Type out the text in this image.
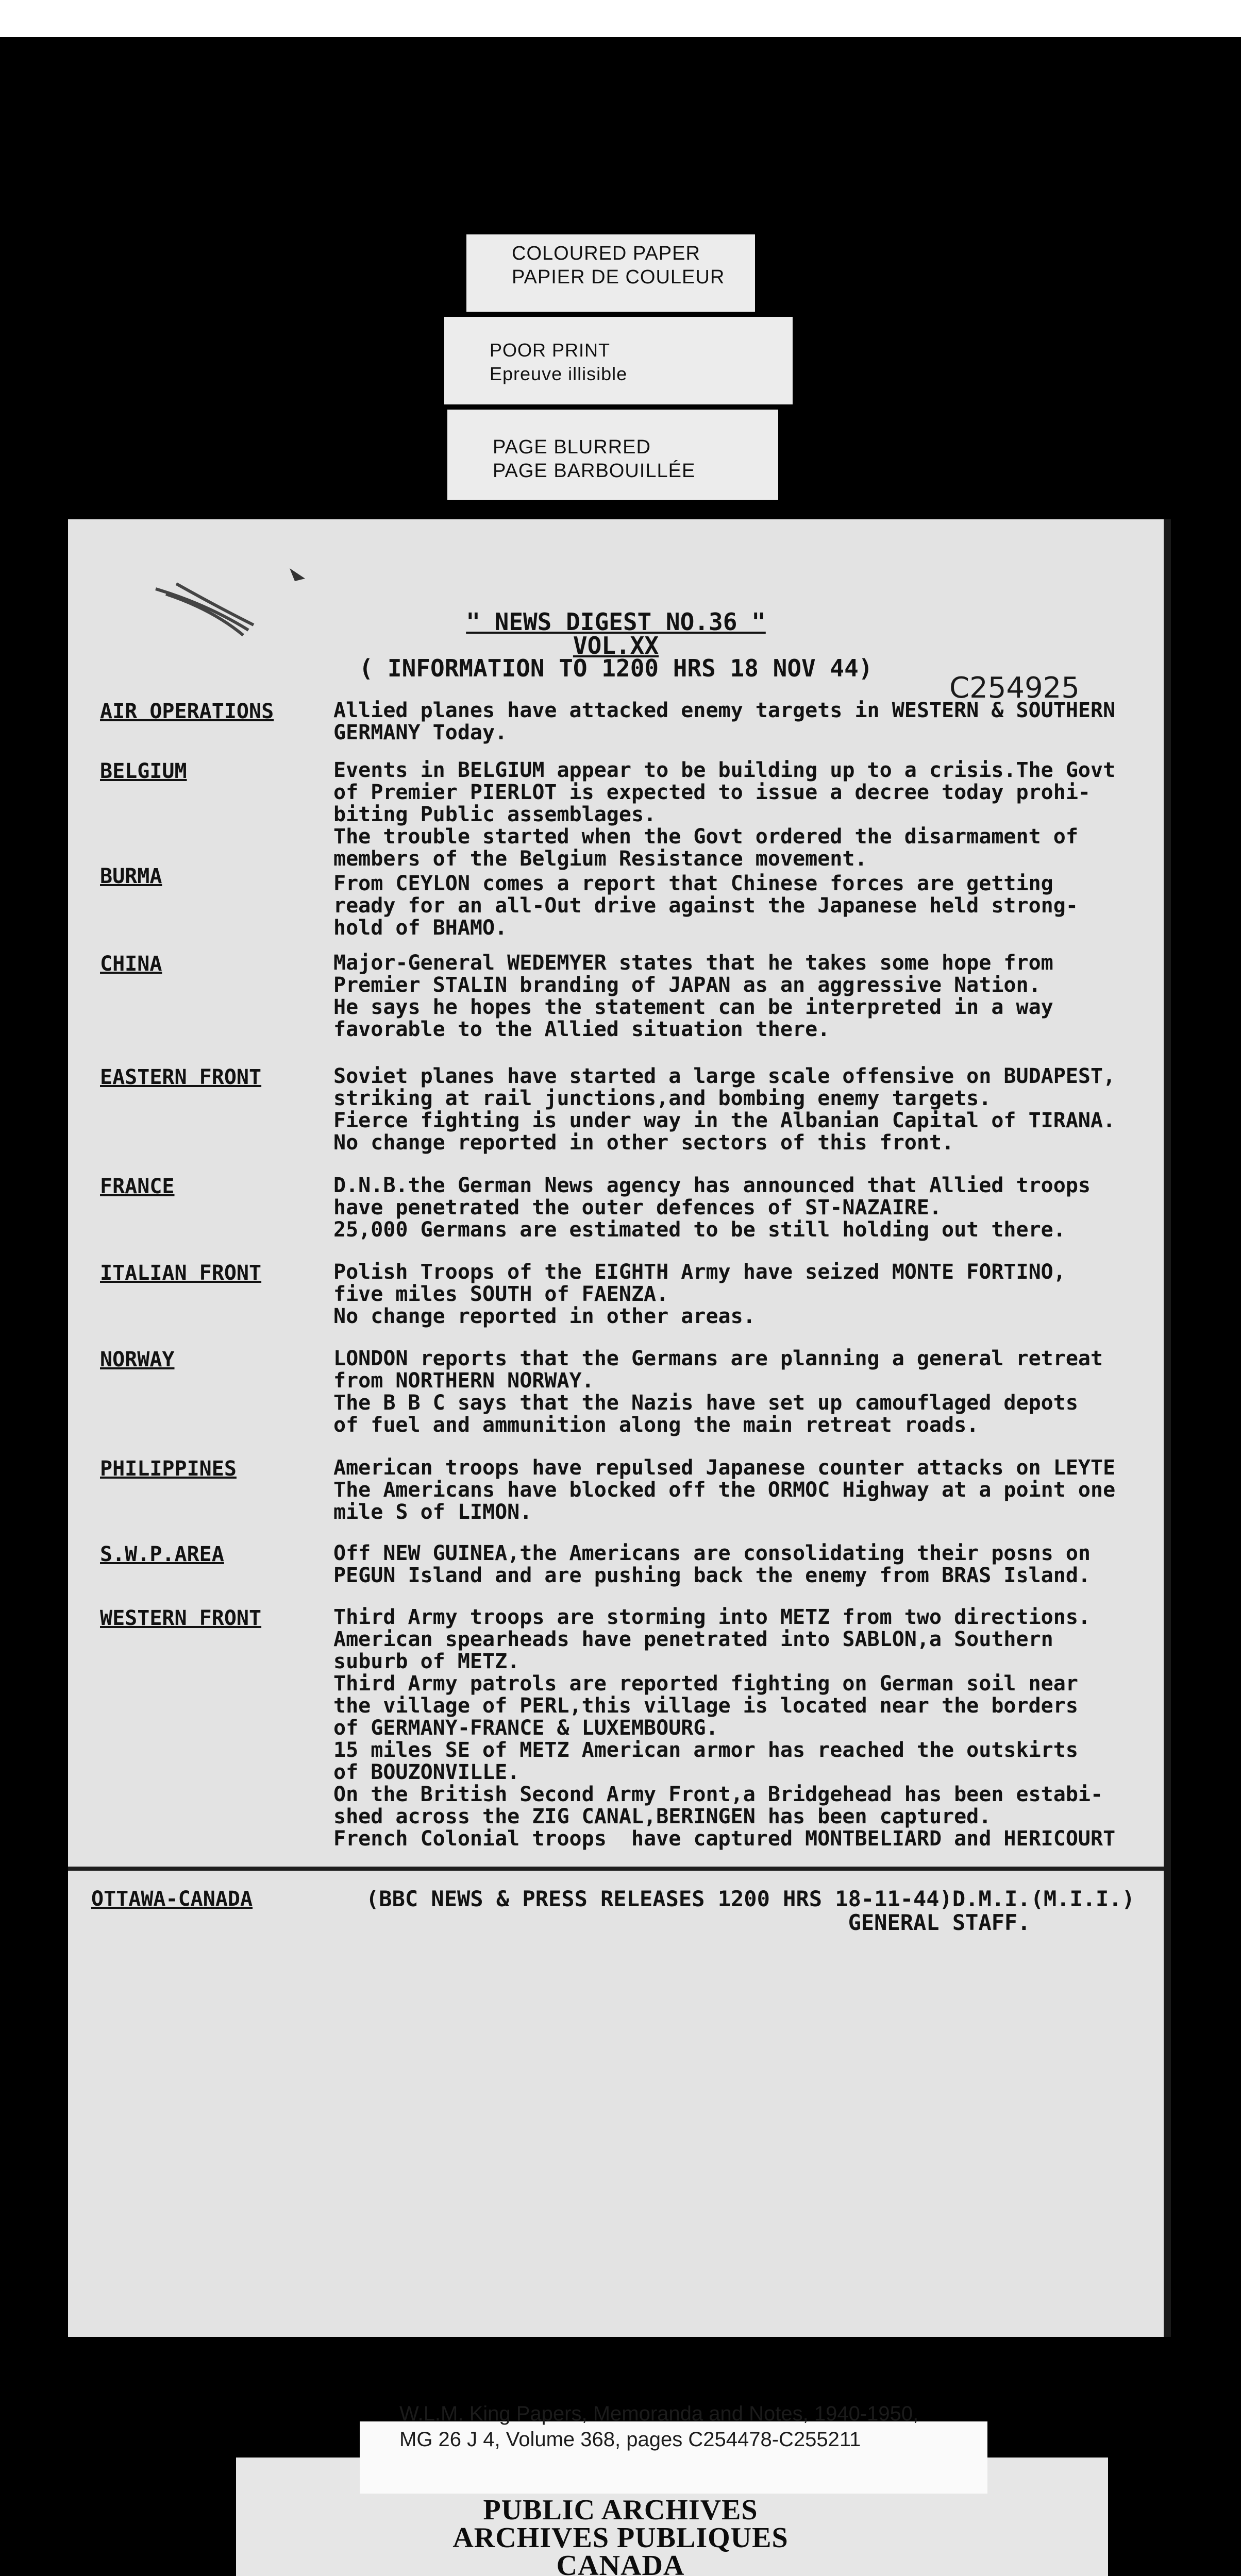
COLOURED PAPER
PAPIER DE COULEUR
POOR PRINT
Epreuve illisible
PAGE BLURRED
PAGE BARBOUILLÉE
" NEWS DIGEST NO.36 "
VOL.XX
( INFORMATION TO 1200 HRS 18 NOV 44)
C254925
AIR OPERATIONS	Allied planes have attacked enemy targets in WESTERN & SOUTHERN
GERMANY Today.
BELGIUM	Events in BELGIUM appear to be building up to a crisis.The Govt
of Premier PIERLOT is expected to issue a decree today prohi-
biting Public assemblages.
The trouble started when the Govt ordered the disarmament of
members of the Belgium Resistance movement.
BURMA	From CEYLON comes a report that Chinese forces are getting
ready for an all-Out drive against the Japanese held strong-
hold of BHAMO.
CHINA	Major-General WEDEMYER states that he takes some hope from
Premier STALIN branding of JAPAN as an aggressive Nation.
He says he hopes the statement can be interpreted in a way
favorable to the Allied situation there.
EASTERN FRONT	Soviet planes have started a large scale offensive on BUDAPEST,
striking at rail junctions,and bombing enemy targets.
Fierce fighting is under way in the Albanian Capital of TIRANA.
No change reported in other sectors of this front.
FRANCE	D.N.B.the German News agency has announced that Allied troops
have penetrated the outer defences of ST-NAZAIRE.
25,000 Germans are estimated to be still holding out there.
ITALIAN FRONT	Polish Troops of the EIGHTH Army have seized MONTE FORTINO,
five miles SOUTH of FAENZA.
No change reported in other areas.
NORWAY	LONDON reports that the Germans are planning a general retreat
from NORTHERN NORWAY.
The B B C says that the Nazis have set up camouflaged depots
of fuel and ammunition along the main retreat roads.
PHILIPPINES	American troops have repulsed Japanese counter attacks on LEYTE
The Americans have blocked off the ORMOC Highway at a point one
mile S of LIMON.
S.W.P.AREA	Off NEW GUINEA,the Americans are consolidating their posns on
PEGUN Island and are pushing back the enemy from BRAS Island.
WESTERN FRONT	Third Army troops are storming into METZ from two directions.
American spearheads have penetrated into SABLON,a Southern
suburb of METZ.
Third Army patrols are reported fighting on German soil near
the village of PERL,this village is located near the borders
of GERMANY-FRANCE & LUXEMBOURG.
15 miles SE of METZ American armor has reached the outskirts
of BOUZONVILLE.
On the British Second Army Front,a Bridgehead has been estabi-
shed across the ZIG CANAL,BERINGEN has been captured.
French Colonial troops  have captured MONTBELIARD and HERICOURT
OTTAWA-CANADA	(BBC NEWS & PRESS RELEASES 1200 HRS 18-11-44)D.M.I.(M.I.I.)
GENERAL STAFF.
W.L.M. King Papers, Memoranda and Notes, 1940-1950,
MG 26 J 4, Volume 368, pages C254478-C255211
PUBLIC ARCHIVES
ARCHIVES PUBLIQUES
CANADA
